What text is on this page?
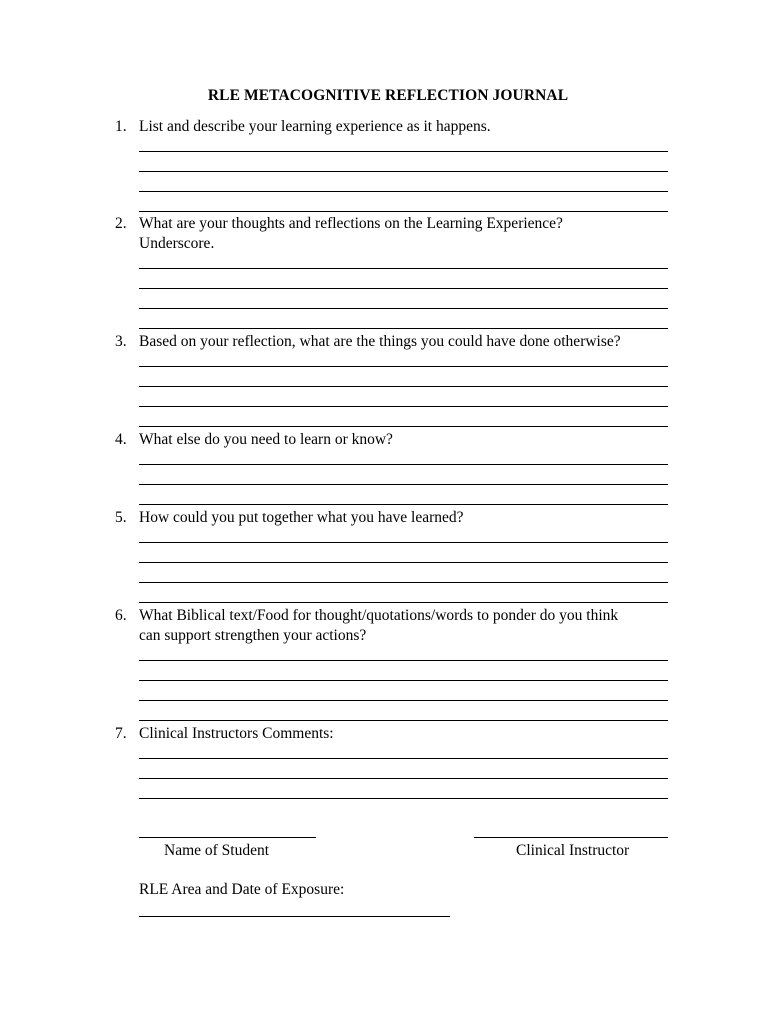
RLE METACOGNITIVE REFLECTION JOURNAL
1. List and describe your learning experience as it happens.
2. What are your thoughts and reflections on the Learning Experience?
Underscore.
3. Based on your reflection, what are the things you could have done otherwise?
4. What else do you need to learn or know?
5. How could you put together what you have learned?
6. What Biblical text/Food for thought/quotations/words to ponder do you think
can support strengthen your actions?
7. Clinical Instructors Comments:
Name of Student	Clinical Instructor
RLE Area and Date of Exposure:
